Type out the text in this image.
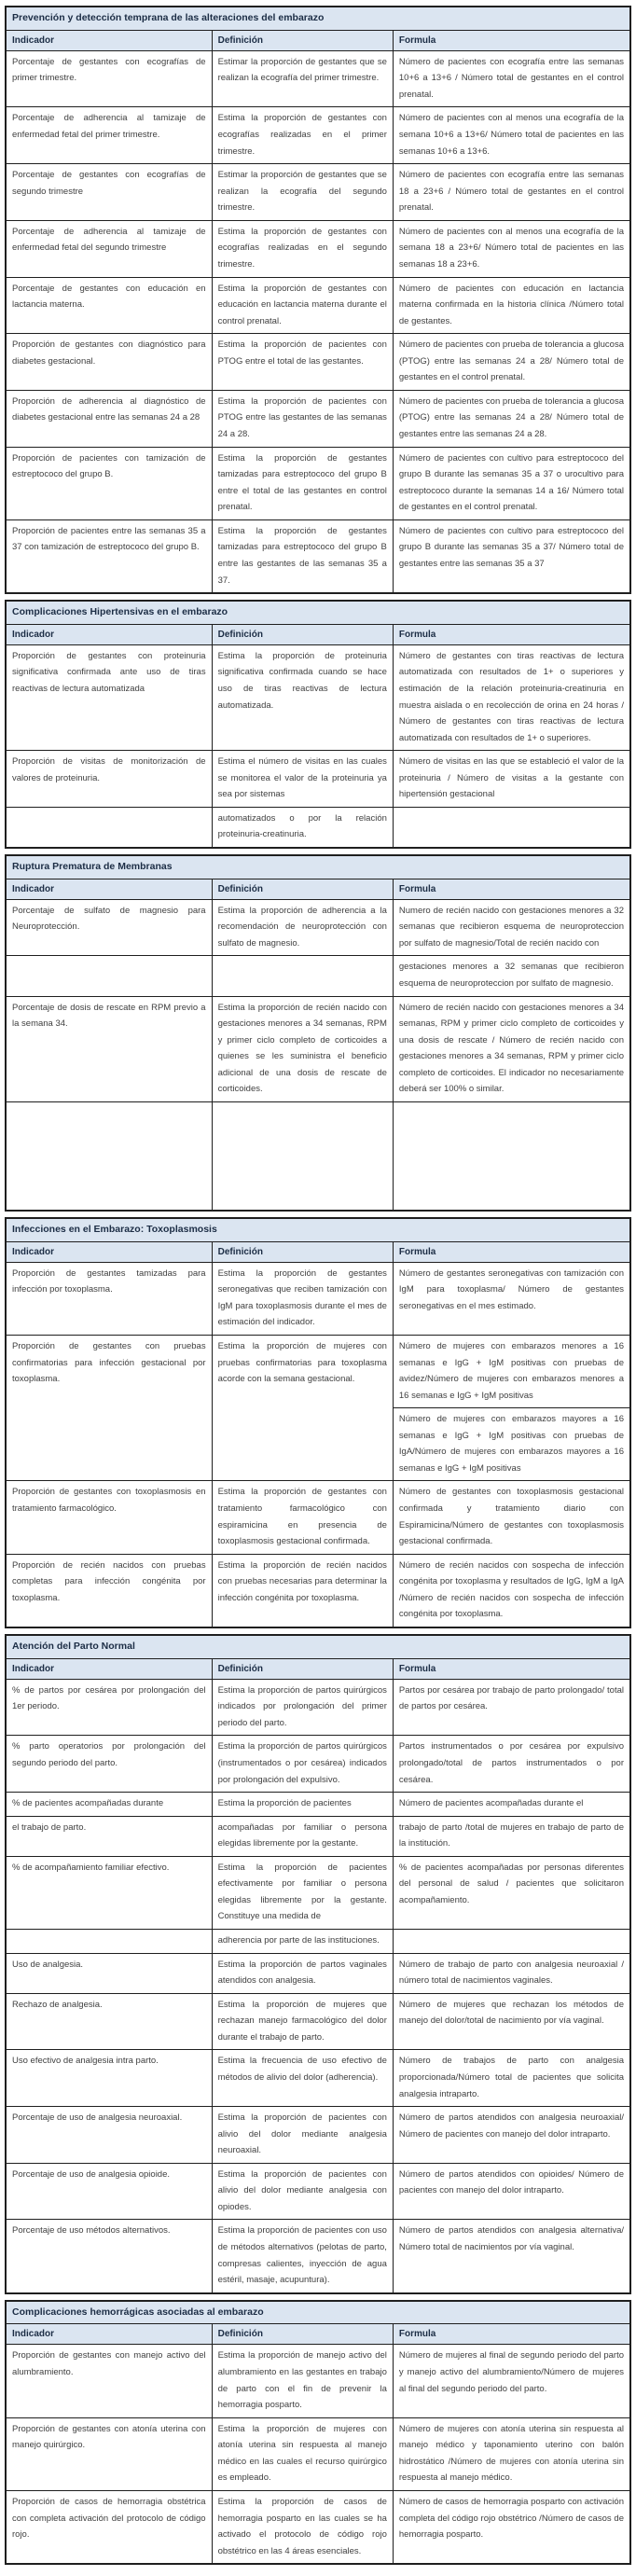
Prevención y detección temprana de las alteraciones del embarazo		
Indicador	Definición	Formula
Porcentaje de gestantes con ecografías de primer trimestre.	Estimar la proporción de gestantes que se realizan la ecografía del primer trimestre.	Número de pacientes con ecografía entre las semanas 10+6 a 13+6 / Número total de gestantes en el control prenatal.
Porcentaje de adherencia al tamizaje de enfermedad fetal del primer trimestre.	Estima la proporción de gestantes con ecografías realizadas en el primer trimestre.	Número de pacientes con al menos una ecografía de la semana 10+6 a 13+6/ Número total de pacientes en las semanas 10+6 a 13+6.
Porcentaje de gestantes con ecografías de segundo trimestre	Estimar la proporción de gestantes que se realizan la ecografía del segundo trimestre.	Número de pacientes con ecografía entre las semanas 18 a 23+6 / Número total de gestantes en el control prenatal.
Porcentaje de adherencia al tamizaje de enfermedad fetal del segundo trimestre	Estima la proporción de gestantes con ecografías realizadas en el segundo trimestre.	Número de pacientes con al menos una ecografía de la semana 18 a 23+6/ Número total de pacientes en las semanas 18 a 23+6.
Porcentaje de gestantes con educación en lactancia materna.	Estima la proporción de gestantes con educación en lactancia materna durante el control prenatal.	Número de pacientes con educación en lactancia materna confirmada en la historia clínica /Número total de gestantes.
Proporción de gestantes con diagnóstico para diabetes gestacional.	Estima la proporción de pacientes con PTOG entre el total de las gestantes.	Número de pacientes con prueba de tolerancia a glucosa (PTOG) entre las semanas 24 a 28/ Número total de gestantes en el control prenatal.
Proporción de adherencia al diagnóstico de diabetes gestacional entre las semanas 24 a 28	Estima la proporción de pacientes con PTOG entre las gestantes de las semanas 24 a 28.	Número de pacientes con prueba de tolerancia a glucosa (PTOG) entre las semanas 24 a 28/ Número total de gestantes entre las semanas 24 a 28.
Proporción de pacientes con tamización de estreptococo del grupo B.	Estima la proporción de gestantes tamizadas para estreptococo del grupo B entre el total de las gestantes en control prenatal.	Número de pacientes con cultivo para estreptococo del grupo B durante las semanas 35 a 37 o urocultivo para estreptococo durante la semanas 14 a 16/ Número total de gestantes en el control prenatal.
Proporción de pacientes entre las semanas 35 a 37 con tamización de estreptococo del grupo B.	Estima la proporción de gestantes tamizadas para estreptococo del grupo B entre las gestantes de las semanas 35 a 37.	Número de pacientes con cultivo para estreptococo del grupo B durante las semanas 35 a 37/ Número total de gestantes entre las semanas 35 a 37
Complicaciones Hipertensivas en el embarazo		
Indicador	Definición	Formula
Proporción de gestantes con proteinuria significativa confirmada ante uso de tiras reactivas de lectura automatizada	Estima la proporción de proteinuria significativa confirmada cuando se hace uso de tiras reactivas de lectura automatizada.	Número de gestantes con tiras reactivas de lectura automatizada con resultados de 1+ o superiores y estimación de la relación proteinuria-creatinuria en muestra aislada o en recolección de orina en 24 horas / Número de gestantes con tiras reactivas de lectura automatizada con resultados de 1+ o superiores.
Proporción de visitas de monitorización de valores de proteinuria.	Estima el número de visitas en las cuales se monitorea el valor de la proteinuria ya sea por sistemas	Número de visitas en las que se estableció el valor de la proteinuria / Número de visitas a la gestante con hipertensión gestacional
	automatizados o por la relación proteinuria-creatinuria.	
Ruptura Prematura de Membranas		
Indicador	Definición	Formula
Porcentaje de sulfato de magnesio para Neuroprotección.	Estima la proporción de adherencia a la recomendación de neuroprotección con sulfato de magnesio.	Numero de recién nacido con gestaciones menores a 32 semanas que recibieron esquema de neuroproteccion por sulfato de magnesio/Total de recién nacido con
		gestaciones menores a 32 semanas que recibieron esquema de neuroproteccion por sulfato de magnesio.
Porcentaje de dosis de rescate en RPM previo a la semana 34.	Estima la proporción de recién nacido con gestaciones menores a 34 semanas, RPM y primer ciclo completo de corticoides a quienes se les suministra el beneficio adicional de una dosis de rescate de corticoides.	Número de recién nacido con gestaciones menores a 34 semanas, RPM y primer ciclo completo de corticoides y una dosis de rescate / Número de recién nacido con gestaciones menores a 34 semanas, RPM y primer ciclo completo de corticoides. El indicador no necesariamente deberá ser 100% o similar.

Infecciones en el Embarazo: Toxoplasmosis		
Indicador	Definición	Formula
Proporción de gestantes tamizadas para infección por toxoplasma.	Estima la proporción de gestantes seronegativas que reciben tamización con IgM para toxoplasmosis durante el mes de estimación del indicador.	Número de gestantes seronegativas con tamización con IgM para toxoplasma/ Número de gestantes seronegativas en el mes estimado.
Proporción de gestantes con pruebas confirmatorias para infección gestacional por toxoplasma.	Estima la proporción de mujeres con pruebas confirmatorias para toxoplasma acorde con la semana gestacional.	Número de mujeres con embarazos menores a 16 semanas e IgG + IgM positivas con pruebas de avidez/Número de mujeres con embarazos menores a 16 semanas e IgG + IgM positivas
Número de mujeres con embarazos mayores a 16 semanas e IgG + IgM positivas con pruebas de IgA/Número de mujeres con embarazos mayores a 16 semanas e IgG + IgM positivas

Proporción de gestantes con toxoplasmosis en tratamiento farmacológico.	Estima la proporción de gestantes con tratamiento farmacológico con espiramicina en presencia de toxoplasmosis gestacional confirmada.	Número de gestantes con toxoplasmosis gestacional confirmada y tratamiento diario con Espiramicina/Número de gestantes con toxoplasmosis gestacional confirmada.
Proporción de recién nacidos con pruebas completas para infección congénita por toxoplasma.	Estima la proporción de recién nacidos con pruebas necesarias para determinar la infección congénita por toxoplasma.	Número de recién nacidos con sospecha de infección congénita por toxoplasma y resultados de IgG, IgM a IgA /Número de recién nacidos con sospecha de infección congénita por toxoplasma.
Atención del Parto Normal		
Indicador	Definición	Formula
% de partos por cesárea por prolongación del 1er periodo.	Estima la proporción de partos quirúrgicos indicados por prolongación del primer periodo del parto.	Partos por cesárea por trabajo de parto prolongado/ total de partos por cesárea.
% parto operatorios por prolongación del segundo periodo del parto.	Estima la proporción de partos quirúrgicos (instrumentados o por cesárea) indicados por prolongación del expulsivo.	Partos instrumentados o por cesárea por expulsivo prolongado/total de partos instrumentados o por cesárea.
% de pacientes acompañadas durante	Estima la proporción de pacientes	Número de pacientes acompañadas durante el
el trabajo de parto.	acompañadas por familiar o persona elegidas libremente por la gestante.	trabajo de parto /total de mujeres en trabajo de parto de la institución.
% de acompañamiento familiar efectivo.	Estima la proporción de pacientes efectivamente por familiar o persona elegidas libremente por la gestante. Constituye una medida de	% de pacientes acompañadas por personas diferentes del personal de salud / pacientes que solicitaron acompañamiento.
	adherencia por parte de las instituciones.	
Uso de analgesia.	Estima la proporción de partos vaginales atendidos con analgesia.	Número de trabajo de parto con analgesia neuroaxial / número total de nacimientos vaginales.
Rechazo de analgesia.	Estima la proporción de mujeres que rechazan manejo farmacológico del dolor durante el trabajo de parto.	Número de mujeres que rechazan los métodos de manejo del dolor/total de nacimiento por vía vaginal.
Uso efectivo de analgesia intra parto.	Estima la frecuencia de uso efectivo de métodos de alivio del dolor (adherencia).	Número de trabajos de parto con analgesia proporcionada/Número total de pacientes que solicita analgesia intraparto.
Porcentaje de uso de analgesia neuroaxial.	Estima la proporción de pacientes con alivio del dolor mediante analgesia neuroaxial.	Número de partos atendidos con analgesia neuroaxial/ Número de pacientes con manejo del dolor intraparto.
Porcentaje de uso de analgesia opioide.	Estima la proporción de pacientes con alivio del dolor mediante analgesia con opiodes.	Número de partos atendidos con opioides/ Número de pacientes con manejo del dolor intraparto.
Porcentaje de uso métodos alternativos.	Estima la proporción de pacientes con uso de métodos alternativos (pelotas de parto, compresas calientes, inyección de agua estéril, masaje, acupuntura).	Número de partos atendidos con analgesia alternativa/ Número total de nacimientos por vía vaginal.
Complicaciones hemorrágicas asociadas al embarazo		
Indicador	Definición	Formula
Proporción de gestantes con manejo activo del alumbramiento.	Estima la proporción de manejo activo del alumbramiento en las gestantes en trabajo de parto con el fin de prevenir la hemorragia posparto.	Número de mujeres al final de segundo periodo del parto y manejo activo del alumbramiento/Número de mujeres al final del segundo periodo del parto.
Proporción de gestantes con atonía uterina con manejo quirúrgico.	Estima la proporción de mujeres con atonía uterina sin respuesta al manejo médico en las cuales el recurso quirúrgico es empleado.	Número de mujeres con atonía uterina sin respuesta al manejo médico y taponamiento uterino con balón hidrostático /Número de mujeres con atonía uterina sin respuesta al manejo médico.
Proporción de casos de hemorragia obstétrica con completa activación del protocolo de código rojo.	Estima la proporción de casos de hemorragia posparto en las cuales se ha activado el protocolo de código rojo obstétrico en las 4 áreas esenciales.	Número de casos de hemorragia posparto con activación completa del código rojo obstétrico /Número de casos de hemorragia posparto.
